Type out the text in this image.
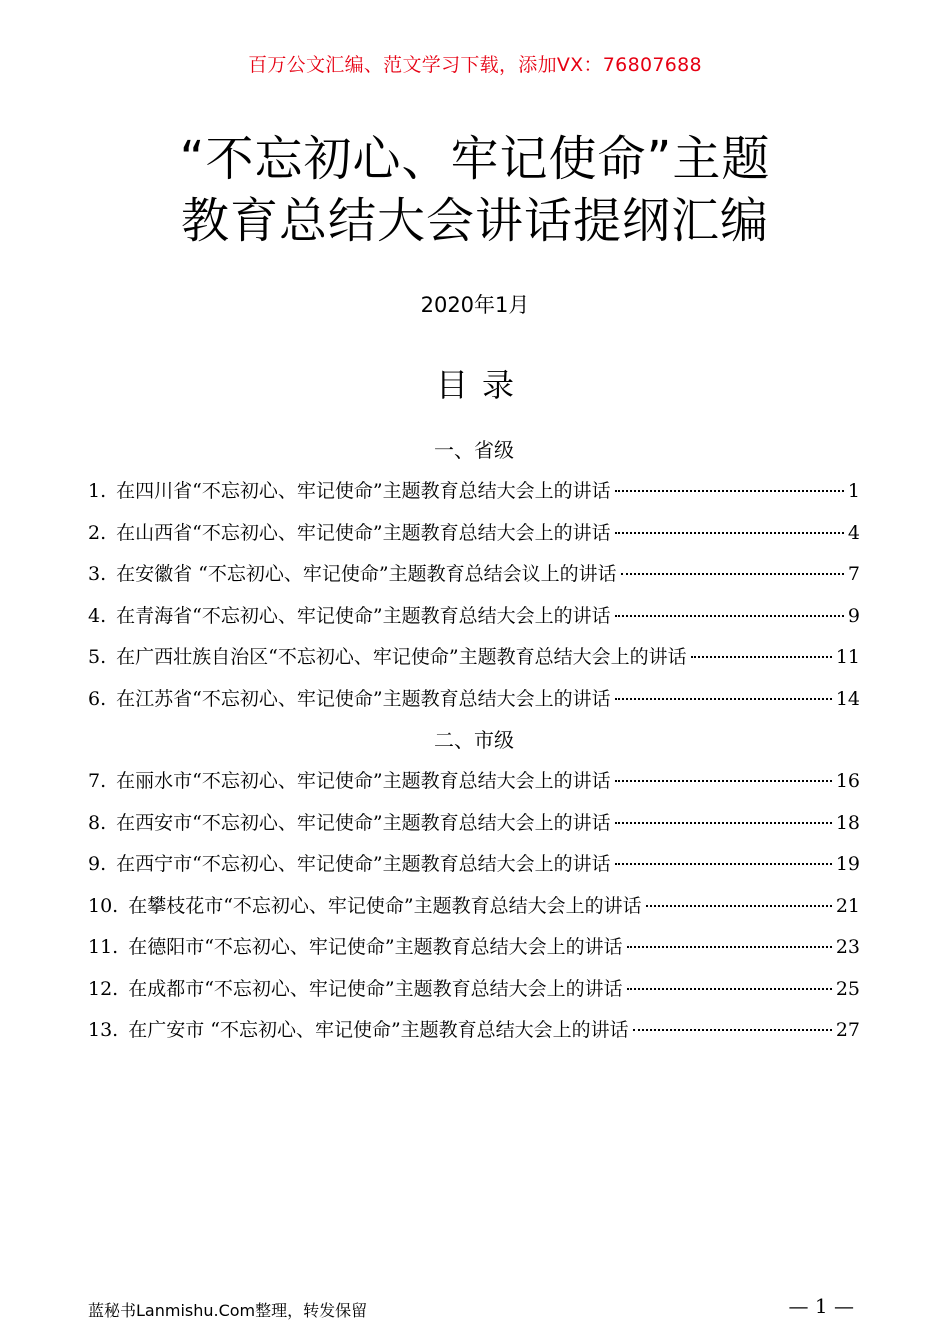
百万公文汇编、范文学习下载，添加VX：76807688
“不忘初心、牢记使命”主题
教育总结大会讲话提纲汇编
2020年1月
目录
一、省级
1. 在四川省“不忘初心、牢记使命”主题教育总结大会上的讲话	1
2. 在山西省“不忘初心、牢记使命”主题教育总结大会上的讲话	4
3. 在安徽省 “不忘初心、牢记使命”主题教育总结会议上的讲话	7
4. 在青海省“不忘初心、牢记使命”主题教育总结大会上的讲话	9
5. 在广西壮族自治区“不忘初心、牢记使命”主题教育总结大会上的讲话	11
6. 在江苏省“不忘初心、牢记使命”主题教育总结大会上的讲话	14
二、市级
7. 在丽水市“不忘初心、牢记使命”主题教育总结大会上的讲话	16
8. 在西安市“不忘初心、牢记使命”主题教育总结大会上的讲话	18
9. 在西宁市“不忘初心、牢记使命”主题教育总结大会上的讲话	19
10. 在攀枝花市“不忘初心、牢记使命”主题教育总结大会上的讲话	21
11. 在德阳市“不忘初心、牢记使命”主题教育总结大会上的讲话	23
12. 在成都市“不忘初心、牢记使命”主题教育总结大会上的讲话	25
13. 在广安市 “不忘初心、牢记使命”主题教育总结大会上的讲话	27
蓝秘书Lanmishu.Com整理，转发保留	— 1 —
